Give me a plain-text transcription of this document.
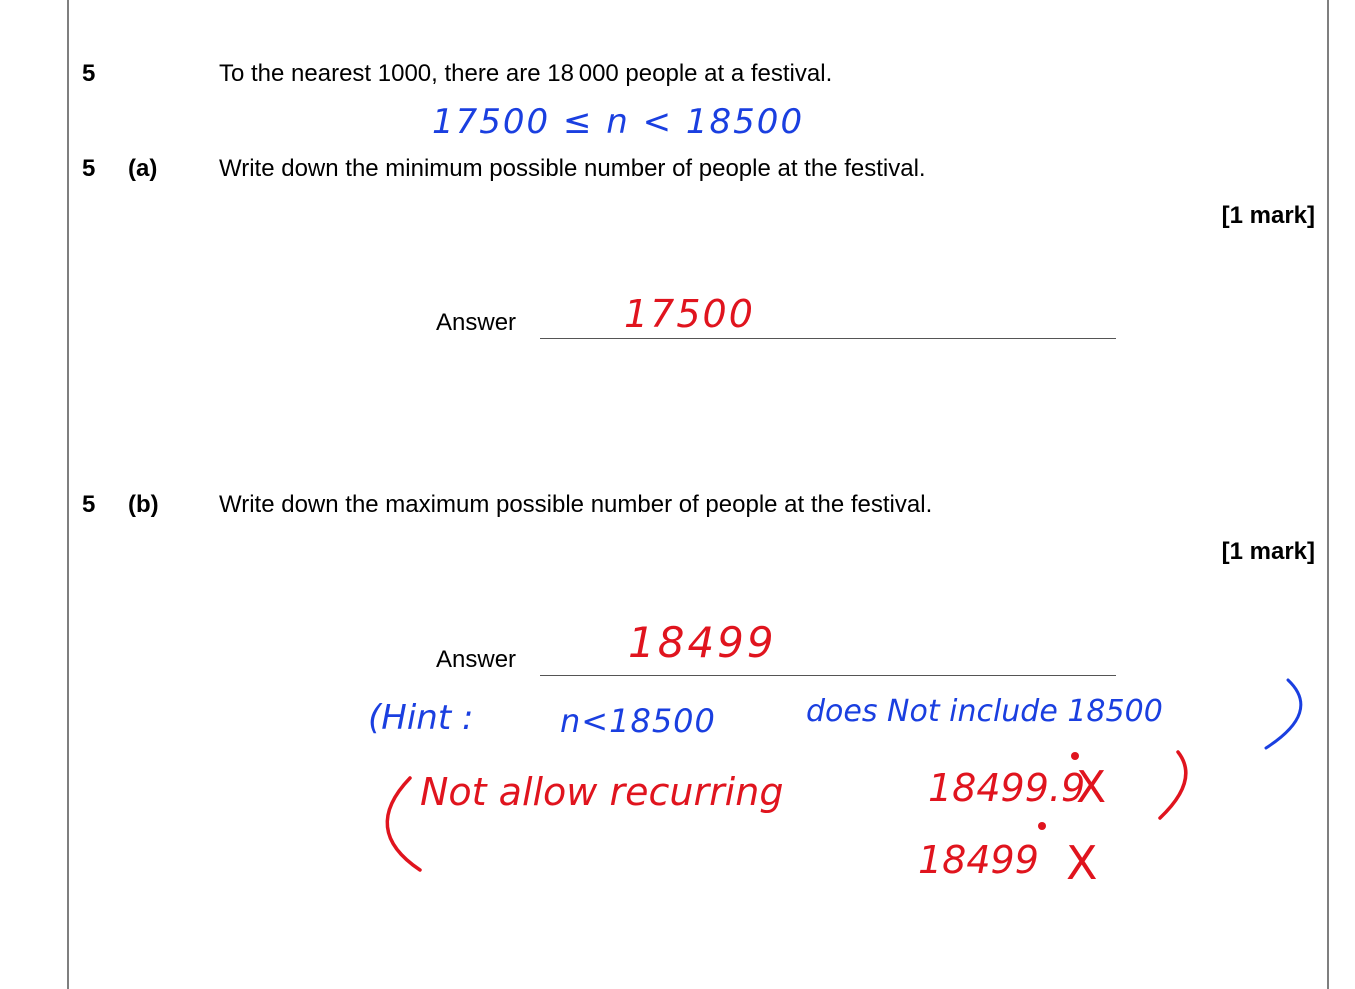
5	To the nearest 1000, there are 18 000 people at a festival.
17500 ≤ n < 18500
5 (a)	Write down the minimum possible number of people at the festival.
[1 mark]
Answer	17500
5 (b)	Write down the maximum possible number of people at the festival.
[1 mark]
Answer	18499
(Hint :	n<18500	does Not include 18500
Not allow recurring	18499.9
X
18499 X
